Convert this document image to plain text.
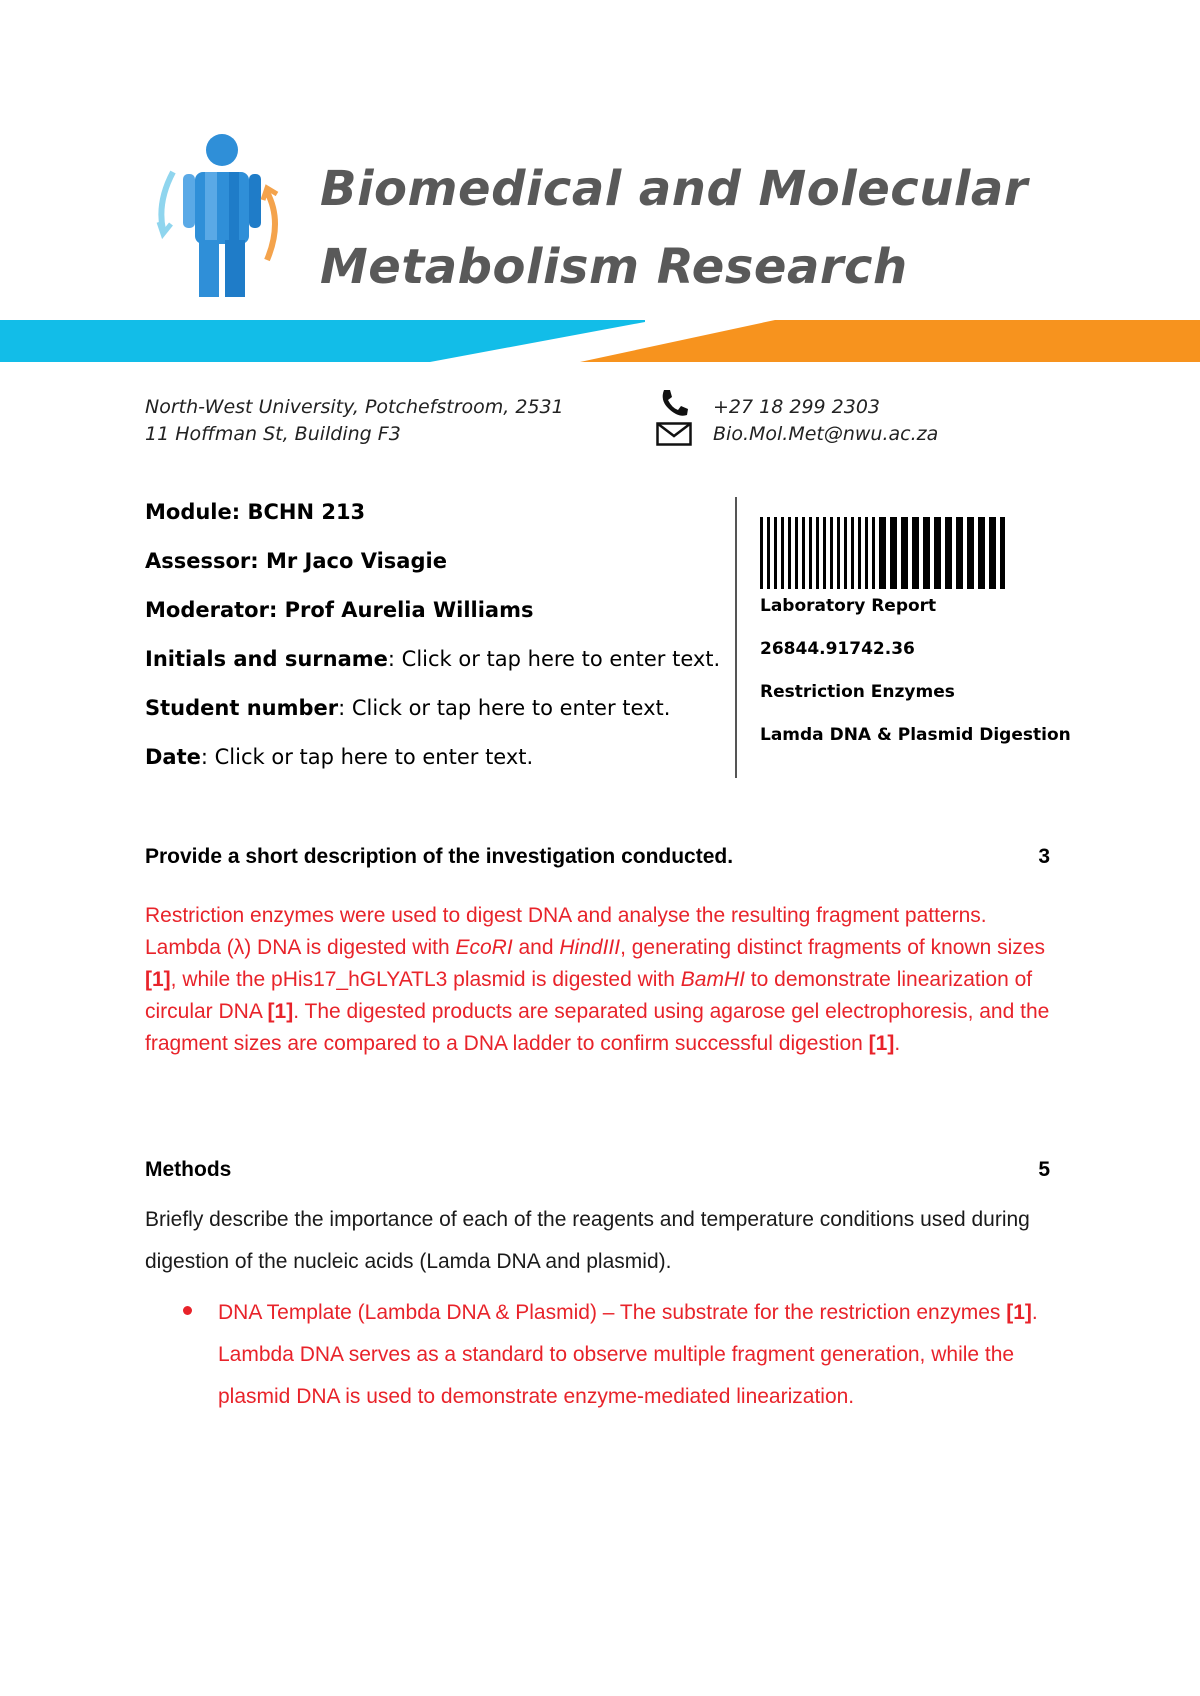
Biomedical and Molecular
Metabolism Research
North-West University, Potchefstroom, 2531
11 Hoffman St, Building F3
+27 18 299 2303
Bio.Mol.Met@nwu.ac.za
Module: BCHN 213
Assessor: Mr Jaco Visagie
Moderator: Prof Aurelia Williams
Initials and surname: Click or tap here to enter text.
Student number: Click or tap here to enter text.
Date: Click or tap here to enter text.
Laboratory Report
26844.91742.36
Restriction Enzymes
Lamda DNA & Plasmid Digestion
Provide a short description of the investigation conducted.	3
Restriction enzymes were used to digest DNA and analyse the resulting fragment patterns. Lambda (λ) DNA is digested with EcoRI and HindIII, generating distinct fragments of known sizes [1], while the pHis17_hGLYATL3 plasmid is digested with BamHI to demonstrate linearization of circular DNA [1]. The digested products are separated using agarose gel electrophoresis, and the fragment sizes are compared to a DNA ladder to confirm successful digestion [1].
Methods	5
Briefly describe the importance of each of the reagents and temperature conditions used during digestion of the nucleic acids (Lamda DNA and plasmid).
DNA Template (Lambda DNA & Plasmid) – The substrate for the restriction enzymes [1]. Lambda DNA serves as a standard to observe multiple fragment generation, while the plasmid DNA is used to demonstrate enzyme-mediated linearization.
